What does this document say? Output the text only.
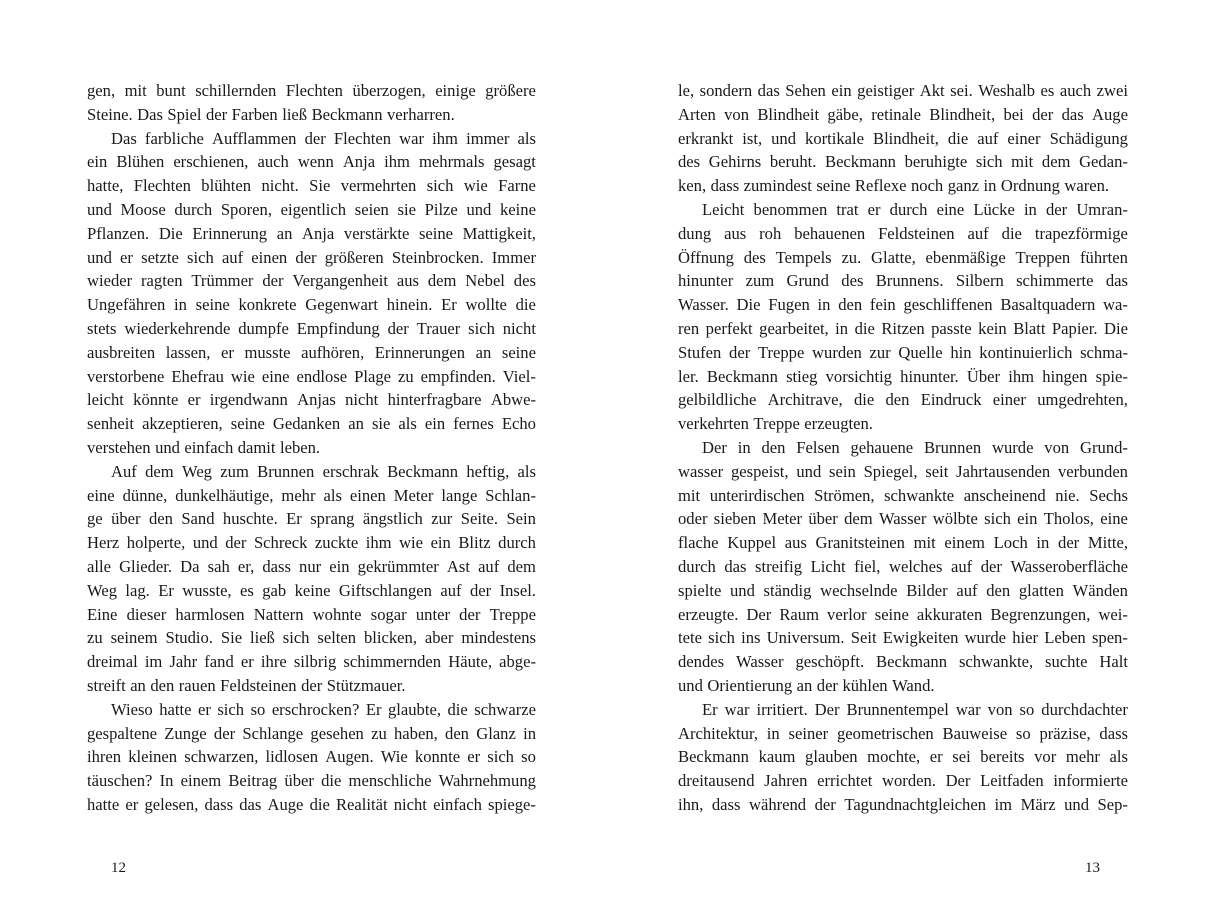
gen, mit bunt schillernden Flechten überzogen, einige größere
Steine. Das Spiel der Farben ließ Beckmann verharren.
Das farbliche Aufflammen der Flechten war ihm immer als
ein Blühen erschienen, auch wenn Anja ihm mehrmals gesagt
hatte, Flechten blühten nicht. Sie vermehrten sich wie Farne
und Moose durch Sporen, eigentlich seien sie Pilze und keine
Pflanzen. Die Erinnerung an Anja verstärkte seine Mattigkeit,
und er setzte sich auf einen der größeren Steinbrocken. Immer
wieder ragten Trümmer der Vergangenheit aus dem Nebel des
Ungefähren in seine konkrete Gegenwart hinein. Er wollte die
stets wiederkehrende dumpfe Empfindung der Trauer sich nicht
ausbreiten lassen, er musste aufhören, Erinnerungen an seine
verstorbene Ehefrau wie eine endlose Plage zu empfinden. Viel-
leicht könnte er irgendwann Anjas nicht hinterfragbare Abwe-
senheit akzeptieren, seine Gedanken an sie als ein fernes Echo
verstehen und einfach damit leben.
Auf dem Weg zum Brunnen erschrak Beckmann heftig, als
eine dünne, dunkelhäutige, mehr als einen Meter lange Schlan-
ge über den Sand huschte. Er sprang ängstlich zur Seite. Sein
Herz holperte, und der Schreck zuckte ihm wie ein Blitz durch
alle Glieder. Da sah er, dass nur ein gekrümmter Ast auf dem
Weg lag. Er wusste, es gab keine Giftschlangen auf der Insel.
Eine dieser harmlosen Nattern wohnte sogar unter der Treppe
zu seinem Studio. Sie ließ sich selten blicken, aber mindestens
dreimal im Jahr fand er ihre silbrig schimmernden Häute, abge-
streift an den rauen Feldsteinen der Stützmauer.
Wieso hatte er sich so erschrocken? Er glaubte, die schwarze
gespaltene Zunge der Schlange gesehen zu haben, den Glanz in
ihren kleinen schwarzen, lidlosen Augen. Wie konnte er sich so
täuschen? In einem Beitrag über die menschliche Wahrnehmung
hatte er gelesen, dass das Auge die Realität nicht einfach spiege-
12
le, sondern das Sehen ein geistiger Akt sei. Weshalb es auch zwei
Arten von Blindheit gäbe, retinale Blindheit, bei der das Auge
erkrankt ist, und kortikale Blindheit, die auf einer Schädigung
des Gehirns beruht. Beckmann beruhigte sich mit dem Gedan-
ken, dass zumindest seine Reflexe noch ganz in Ordnung waren.
Leicht benommen trat er durch eine Lücke in der Umran-
dung aus roh behauenen Feldsteinen auf die trapezförmige
Öffnung des Tempels zu. Glatte, ebenmäßige Treppen führten
hinunter zum Grund des Brunnens. Silbern schimmerte das
Wasser. Die Fugen in den fein geschliffenen Basaltquadern wa-
ren perfekt gearbeitet, in die Ritzen passte kein Blatt Papier. Die
Stufen der Treppe wurden zur Quelle hin kontinuierlich schma-
ler. Beckmann stieg vorsichtig hinunter. Über ihm hingen spie-
gelbildliche Architrave, die den Eindruck einer umgedrehten,
verkehrten Treppe erzeugten.
Der in den Felsen gehauene Brunnen wurde von Grund-
wasser gespeist, und sein Spiegel, seit Jahrtausenden verbunden
mit unterirdischen Strömen, schwankte anscheinend nie. Sechs
oder sieben Meter über dem Wasser wölbte sich ein Tholos, eine
flache Kuppel aus Granitsteinen mit einem Loch in der Mitte,
durch das streifig Licht fiel, welches auf der Wasseroberfläche
spielte und ständig wechselnde Bilder auf den glatten Wänden
erzeugte. Der Raum verlor seine akkuraten Begrenzungen, wei-
tete sich ins Universum. Seit Ewigkeiten wurde hier Leben spen-
dendes Wasser geschöpft. Beckmann schwankte, suchte Halt
und Orientierung an der kühlen Wand.
Er war irritiert. Der Brunnentempel war von so durchdachter
Architektur, in seiner geometrischen Bauweise so präzise, dass
Beckmann kaum glauben mochte, er sei bereits vor mehr als
dreitausend Jahren errichtet worden. Der Leitfaden informierte
ihn, dass während der Tagundnachtgleichen im März und Sep-
13
